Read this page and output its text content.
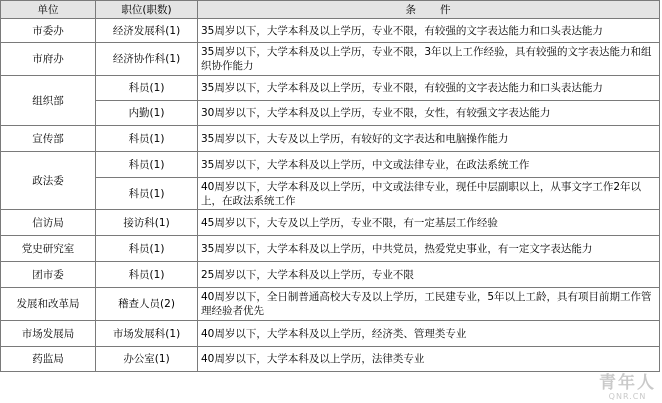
单位	职位(职数)	条　　件
市委办	经济发展科(1)	35周岁以下，大学本科及以上学历，专业不限，有较强的文字表达能力和口头表达能力
市府办	经济协作科(1)	35周岁以下，大学本科及以上学历，专业不限，3年以上工作经验，具有较强的文字表达能力和组织协作能力
组织部	科员(1)	35周岁以下，大学本科及以上学历，专业不限，有较强的文字表达能力和口头表达能力
	内勤(1)	30周岁以下，大学本科及以上学历，专业不限，女性，有较强文字表达能力
宣传部	科员(1)	35周岁以下，大专及以上学历，有较好的文字表达和电脑操作能力
政法委	科员(1)	35周岁以下，大学本科及以上学历，中文或法律专业，在政法系统工作
	科员(1)	40周岁以下，大学本科及以上学历，中文或法律专业，现任中层副职以上，从事文字工作2年以上，在政法系统工作
信访局	接访科(1)	45周岁以下，大专及以上学历，专业不限，有一定基层工作经验
党史研究室	科员(1)	35周岁以下，大学本科及以上学历，中共党员，热爱党史事业，有一定文字表达能力
团市委	科员(1)	25周岁以下，大学本科及以上学历，专业不限
发展和改革局	稽查人员(2)	40周岁以下，全日制普通高校大专及以上学历，工民建专业，5年以上工龄，具有项目前期工作管理经验者优先
市场发展局	市场发展科(1)	40周岁以下，大学本科及以上学历，经济类、管理类专业
药监局	办公室(1)	40周岁以下，大学本科及以上学历，法律类专业
青年人
QNR.CN
